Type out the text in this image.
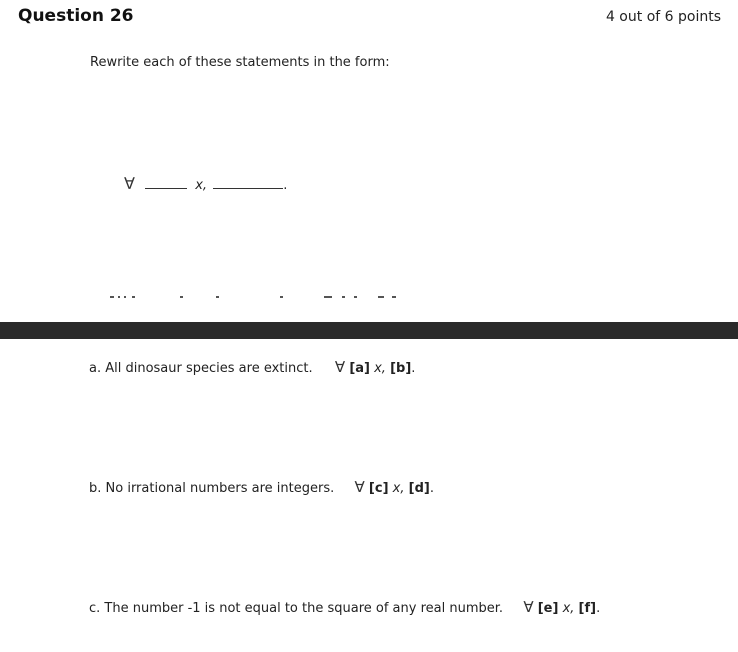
Question 26	4 out of 6 points
Rewrite each of these statements in the form:
∀	x,	.
a. All dinosaur species are extinct. ∀ [a] x, [b].
b. No irrational numbers are integers. ∀ [c] x, [d].
c. The number -1 is not equal to the square of any real number. ∀ [e] x, [f].
